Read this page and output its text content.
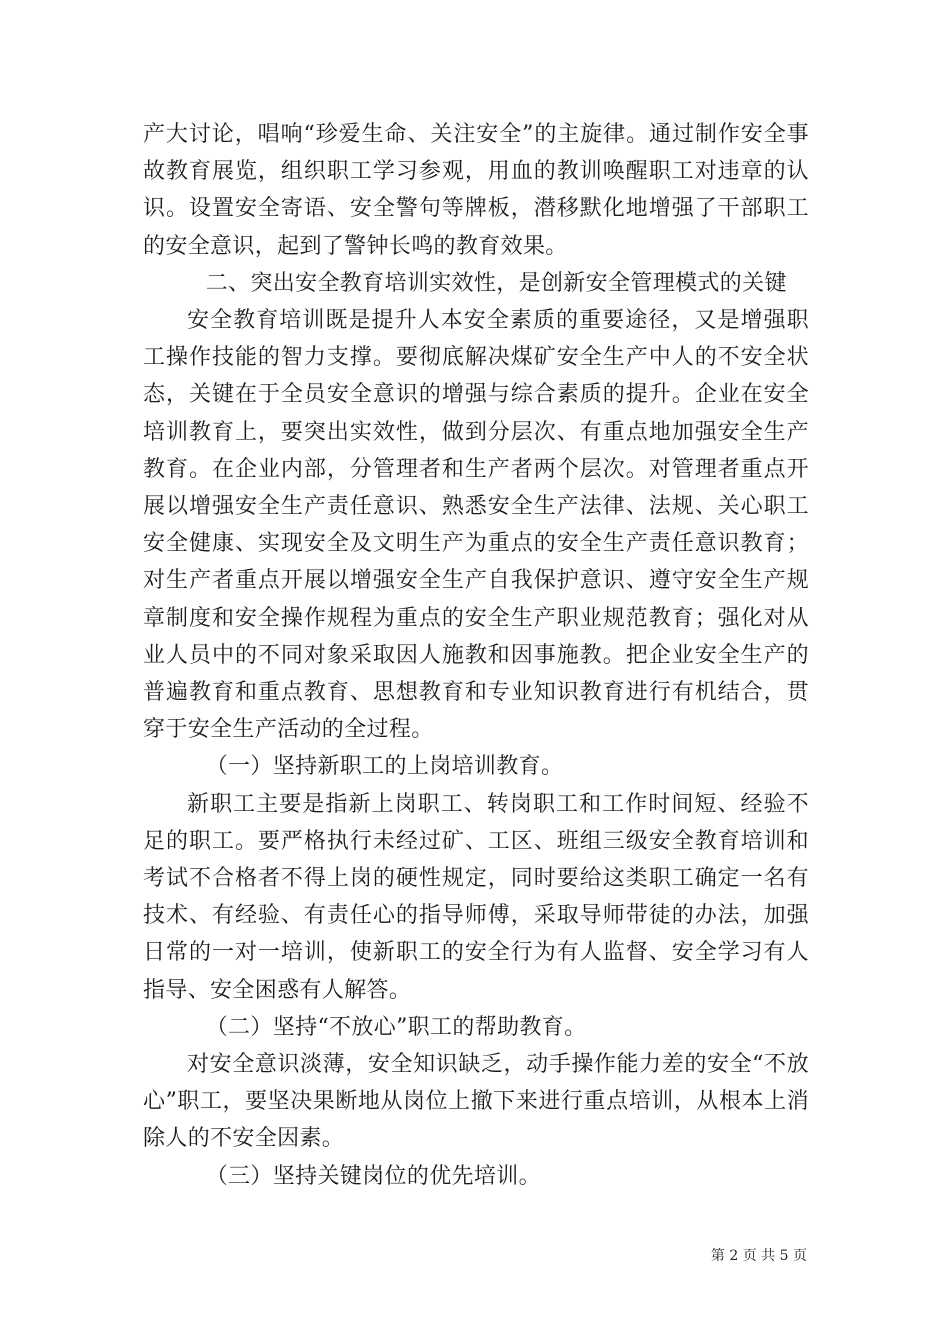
产大讨论，唱响“珍爱生命、关注安全”的主旋律。通过制作安全事故教育展览，组织职工学习参观，用血的教训唤醒职工对违章的认识。设置安全寄语、安全警句等牌板，潜移默化地增强了干部职工的安全意识，起到了警钟长鸣的教育效果。

二、突出安全教育培训实效性，是创新安全管理模式的关键

安全教育培训既是提升人本安全素质的重要途径，又是增强职工操作技能的智力支撑。要彻底解决煤矿安全生产中人的不安全状态，关键在于全员安全意识的增强与综合素质的提升。企业在安全培训教育上，要突出实效性，做到分层次、有重点地加强安全生产教育。在企业内部，分管理者和生产者两个层次。对管理者重点开展以增强安全生产责任意识、熟悉安全生产法律、法规、关心职工安全健康、实现安全及文明生产为重点的安全生产责任意识教育；对生产者重点开展以增强安全生产自我保护意识、遵守安全生产规章制度和安全操作规程为重点的安全生产职业规范教育；强化对从业人员中的不同对象采取因人施教和因事施教。把企业安全生产的普遍教育和重点教育、思想教育和专业知识教育进行有机结合，贯穿于安全生产活动的全过程。

（一）坚持新职工的上岗培训教育。

新职工主要是指新上岗职工、转岗职工和工作时间短、经验不足的职工。要严格执行未经过矿、工区、班组三级安全教育培训和考试不合格者不得上岗的硬性规定，同时要给这类职工确定一名有技术、有经验、有责任心的指导师傅，采取导师带徒的办法，加强日常的一对一培训，使新职工的安全行为有人监督、安全学习有人指导、安全困惑有人解答。

（二）坚持“不放心”职工的帮助教育。

对安全意识淡薄，安全知识缺乏，动手操作能力差的安全“不放心”职工，要坚决果断地从岗位上撤下来进行重点培训，从根本上消除人的不安全因素。

（三）坚持关键岗位的优先培训。

第 2 页 共 5 页
